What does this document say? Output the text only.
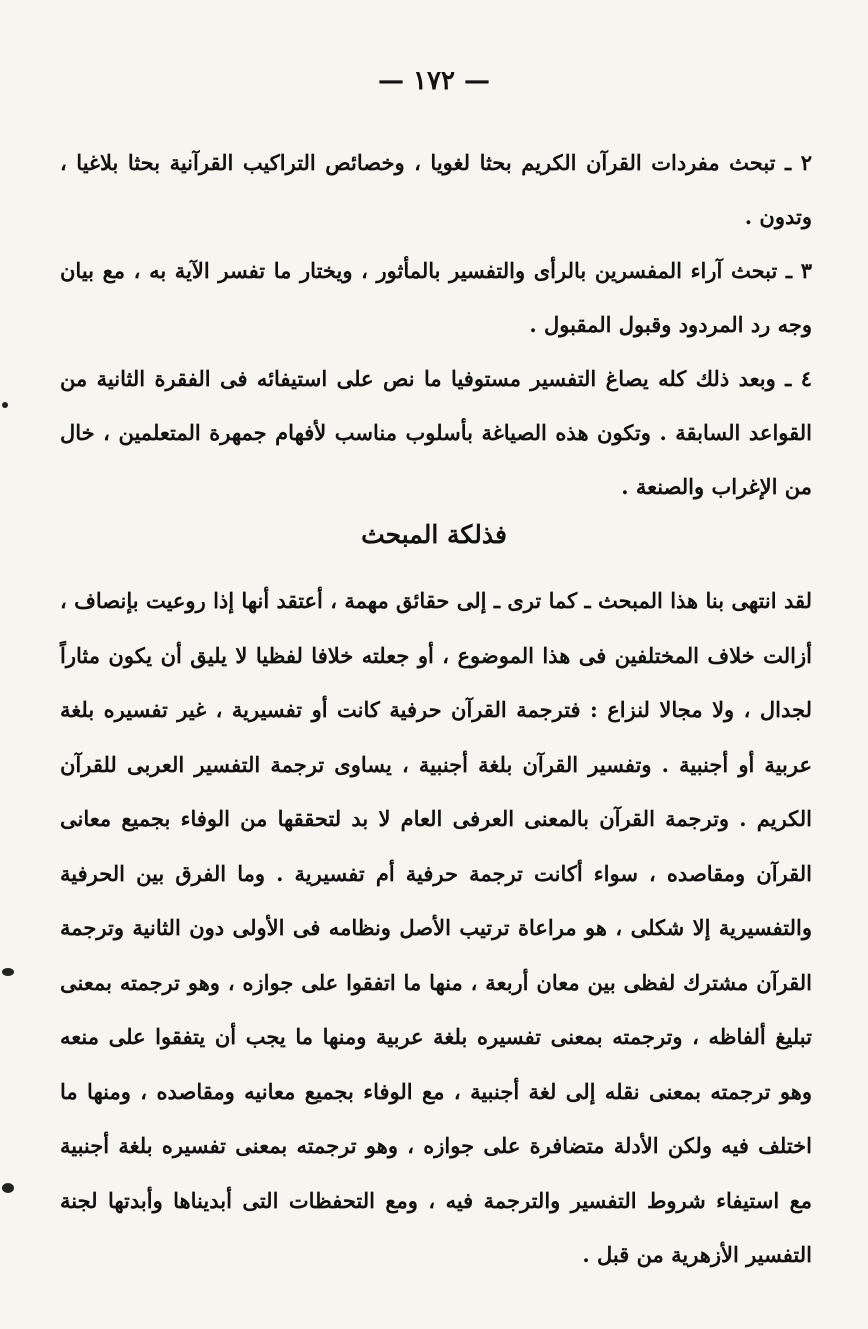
— ١٧٢ —

٢ ـ تبحث مفردات القرآن الكريم بحثا لغويا ، وخصائص التراكيب القرآنية بحثا بلاغيا ، وتدون .

٣ ـ تبحث آراء المفسرين بالرأى والتفسير بالمأثور ، ويختار ما تفسر الآية به ، مع بيان وجه رد المردود وقبول المقبول .

٤ ـ وبعد ذلك كله يصاغ التفسير مستوفيا ما نص على استيفائه فى الفقرة الثانية من القواعد السابقة . وتكون هذه الصياغة بأسلوب مناسب لأفهام جمهرة المتعلمين ، خال من الإغراب والصنعة .

فذلكة المبحث
لقد انتهى بنا هذا المبحث ـ كما ترى ـ إلى حقائق مهمة ، أعتقد أنها إذا روعيت بإنصاف ، أزالت خلاف المختلفين فى هذا الموضوع ، أو جعلته خلافا لفظيا لا يليق أن يكون مثاراً لجدال ، ولا مجالا لنزاع : فترجمة القرآن حرفية كانت أو تفسيرية ، غير تفسيره بلغة عربية أو أجنبية . وتفسير القرآن بلغة أجنبية ، يساوى ترجمة التفسير العربى للقرآن الكريم . وترجمة القرآن بالمعنى العرفى العام لا بد لتحققها من الوفاء بجميع معانى القرآن ومقاصده ، سواء أكانت ترجمة حرفية أم تفسيرية . وما الفرق بين الحرفية والتفسيرية إلا شكلى ، هو مراعاة ترتيب الأصل ونظامه فى الأولى دون الثانية وترجمة القرآن مشترك لفظى بين معان أربعة ، منها ما اتفقوا على جوازه ، وهو ترجمته بمعنى تبليغ ألفاظه ، وترجمته بمعنى تفسيره بلغة عربية ومنها ما يجب أن يتفقوا على منعه وهو ترجمته بمعنى نقله إلى لغة أجنبية ، مع الوفاء بجميع معانيه ومقاصده ، ومنها ما اختلف فيه ولكن الأدلة متضافرة على جوازه ، وهو ترجمته بمعنى تفسيره بلغة أجنبية مع استيفاء شروط التفسير والترجمة فيه ، ومع التحفظات التى أبديناها وأبدتها لجنة التفسير الأزهرية من قبل .
